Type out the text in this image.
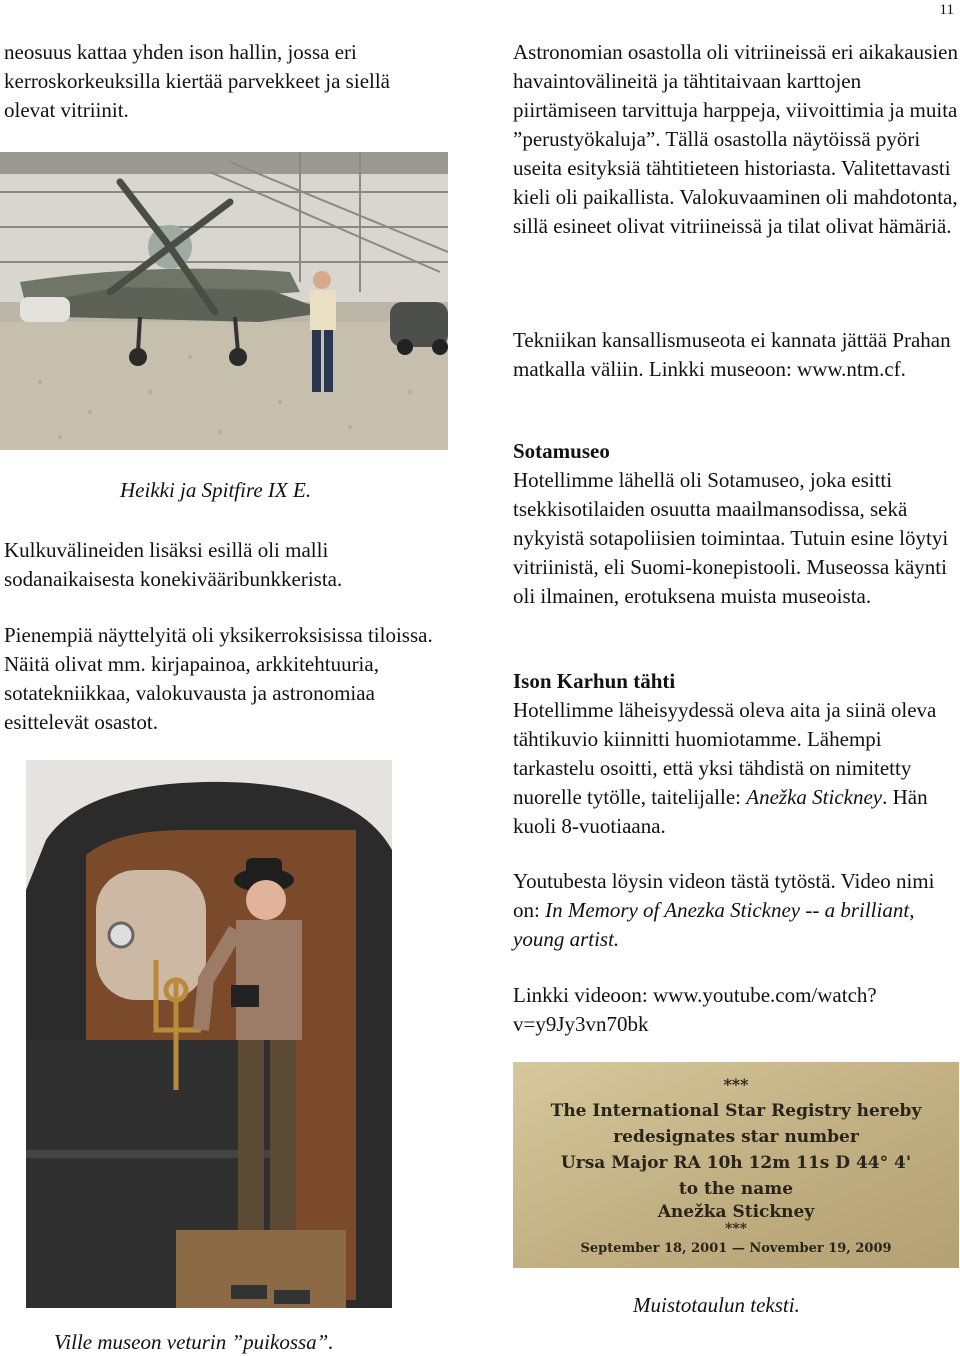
11

neosuus kattaa yhden ison hallin, jossa eri kerroskorkeuksilla kiertää parvekkeet ja siellä olevat vitriinit.

Heikki ja Spitfire IX E.

Kulkuvälineiden lisäksi esillä oli malli sodanaikaisesta konekivääribunkkerista.

Pienempiä näyttelyitä oli yksikerroksisissa tiloissa. Näitä olivat mm. kirjapainoa, arkkitehtuuria, sotatekniikkaa, valokuvausta ja astronomiaa esittelevät osastot.

Ville museon veturin ”puikossa”.

Astronomian osastolla oli vitriineissä eri aikakausien havaintovälineitä ja tähtitaivaan karttojen piirtämiseen tarvittuja harppeja, viivoittimia ja muita ”perustyökaluja”. Tällä osastolla näytöissä pyöri useita esityksiä tähtitieteen historiasta. Valitettavasti kieli oli paikallista. Valokuvaaminen oli mahdotonta, sillä esineet olivat vitriineissä ja tilat olivat hämäriä.

Tekniikan kansallismuseota ei kannata jättää Prahan matkalla väliin. Linkki museoon: www.ntm.cf.

Sotamuseo

Hotellimme lähellä oli Sotamuseo, joka esitti tsekkisotilaiden osuutta maailmansodissa, sekä nykyistä sotapoliisien toimintaa. Tutuin esine löytyi vitriinistä, eli Suomi-konepistooli. Museossa käynti oli ilmainen, erotuksena muista museoista.

Ison Karhun tähti

Hotellimme läheisyydessä oleva aita ja siinä oleva tähtikuvio kiinnitti huomiotamme. Lähempi tarkastelu osoitti, että yksi tähdistä on nimitetty nuorelle tytölle, taitelijalle: Anežka Stickney. Hän kuoli 8-vuotiaana.

Youtubesta löysin videon tästä tytöstä. Video nimi on: In Memory of Anezka Stickney -- a brilliant, young artist.

Linkki videoon: www.youtube.com/watch?v=y9Jy3vn70bk

***
The International Star Registry hereby
redesignates star number
Ursa Major RA 10h 12m 11s D 44° 4'
to the name
Anežka Stickney
***
September 18, 2001 — November 19, 2009
Muistotaulun teksti.
